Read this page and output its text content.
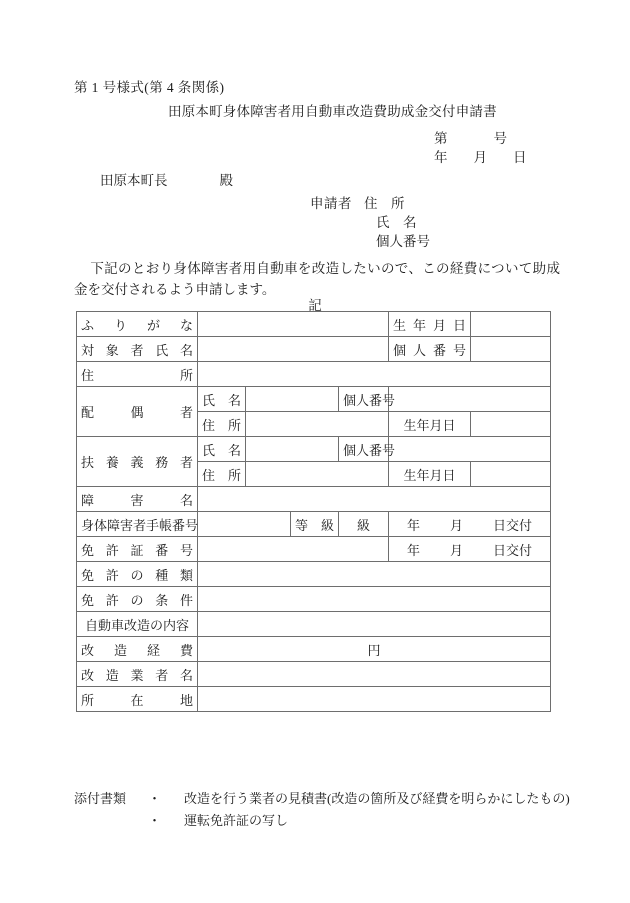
第 1 号様式(第 4 条関係)
田原本町身体障害者用自動車改造費助成金交付申請書
第	号
年 月 日
田原本町長	殿
申請者 住　所
氏　名
個人番号
下記のとおり身体障害者用自動車を改造したいので、この経費について助成金を交付されるよう申請します。
記
ふりがな					生年月日	
対象者氏名					個人番号	
住所						
配偶者	氏名			個人番号		
	住所				生年月日	
扶養義務者	氏名			個人番号		
	住所				生年月日	
障害名						
身体障害者手帳番号			等級	級	年 月 日交付	
免許証番号					年 月 日交付	
免許の種類						
免許の条件						
自動車改造の内容						
改造経費	円					
改造業者名						
所在地						
添付書類	・	改造を行う業者の見積書(改造の箇所及び経費を明らかにしたもの)
・	運転免許証の写し
